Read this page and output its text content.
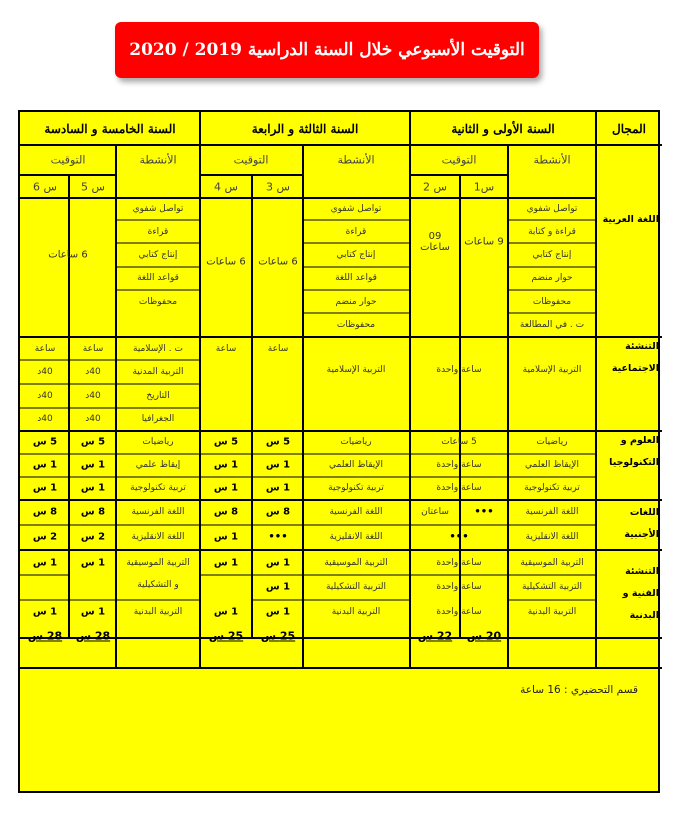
التوقيت الأسبوعي خلال السنة الدراسية 2019 / 2020
المجال
السنة الأولى و الثانية
السنة الثالثة و الرابعة
السنة الخامسة و السادسة
الأنشطة
التوقيت
الأنشطة
التوقيت
الأنشطة
التوقيت
س1
س 2
س 3
س 4
س 5
س 6
اللغة العربية
التنشئة الاجتماعية
العلوم و التكنولوجيا
اللغات الأجنبية
التنشئة الفنية و البدنية
تواصل شفوي
قراءة و كتابة
إنتاج كتابي
حوار منضم
محفوظات
ت . في المطالعة
9 ساعات
09 ساعات
تواصل شفوي
قراءة
إنتاج كتابي
قواعد اللغة
حوار منضم
محفوظات
6 ساعات
6 ساعات
تواصل شفوي
قراءة
إنتاج كتابي
قواعد اللغة
محفوظات
6 ساعات
التربية الإسلامية
ساعة واحدة
التربية الإسلامية
ساعة
ساعة
ت . الإسلامية
التربية المدنية
التاريخ
الجغرافيا
ساعة
40د
40د
40د
ساعة
40د
40د
40د
رياضيات
الإيقاظ العلمي
تربية تكنولوجية
5 ساعات
ساعة واحدة
ساعة واحدة
رياضيات
الإيقاظ العلمي
تربية تكنولوجية
5 س
1 س
1 س
5 س
1 س
1 س
رياضيات
إيقاظ علمي
تربية تكنولوجية
5 س
1 س
1 س
5 س
1 س
1 س
اللغة الفرنسية
اللغة الانقليزية
•••
ساعتان
•••
اللغة الفرنسية
اللغة الانقليزية
8 س
•••
8 س
1 س
اللغة الفرنسية
اللغة الانقليزية
8 س
2 س
8 س
2 س
التربية الموسيقية
التربية التشكيلية
التربية البدنية
ساعة واحدة
ساعة واحدة
ساعة واحدة
التربية الموسيقية
التربية التشكيلية
التربية البدنية
1 س
1 س
1 س
1 س
1 س
التربية الموسيقية
و التشكيلية
التربية البدنية
1 س
1 س
1 س
1 س
20 س
22 س
25 س
25 س
28 س
28 س
قسم التحضيري : 16 ساعة
